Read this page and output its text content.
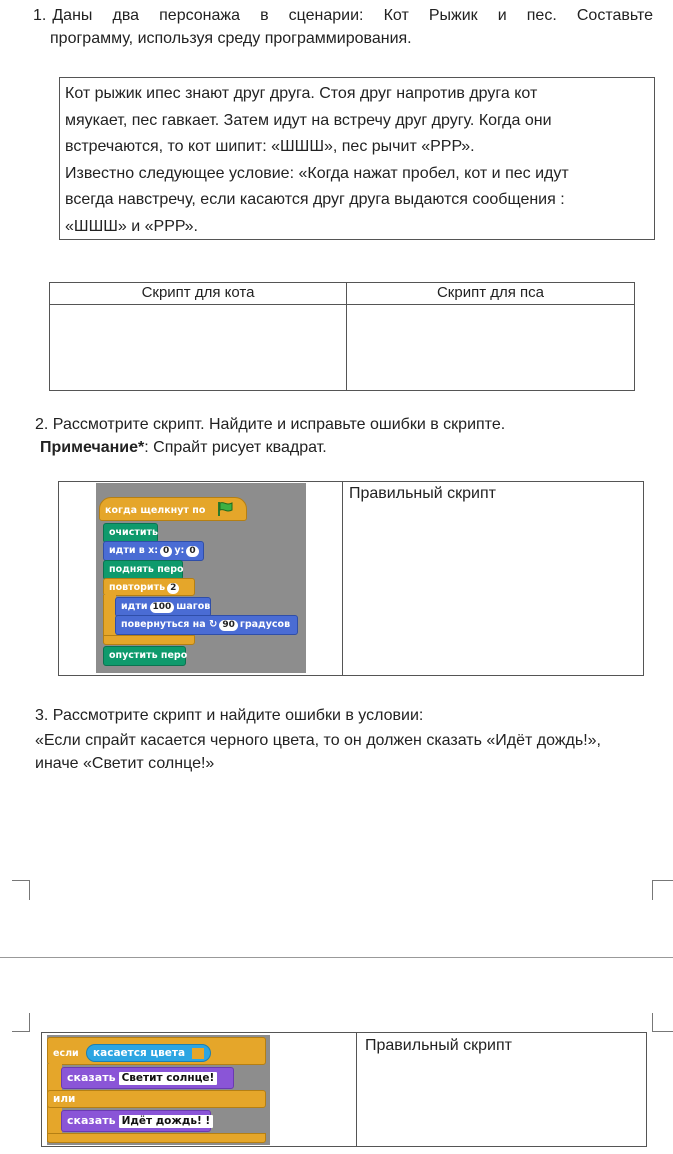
1. Даны два персонажа в сценарии: Кот Рыжик и пес. Составьте

программу, используя среду программирования.

Кот рыжик ипес знают друг друга. Стоя друг напротив друга кот

мяукает, пес гавкает. Затем идут на встречу друг другу. Когда они

встречаются, то кот шипит: «ШШШ», пес рычит «РРР».

Известно следующее условие: «Когда нажат пробел, кот и пес идут

всегда навстречу, если касаются друг друга выдаются сообщения :

«ШШШ» и «РРР».

Скрипт для кота	Скрипт для пса

2. Рассмотрите скрипт. Найдите и исправьте ошибки в скрипте.

Примечание*: Спрайт рисует квадрат.

когда щелкнут по
очистить
идти в x: 0 y: 0
поднять перо
повторить 2
идти 100 шагов
повернуться на ↻ 90 градусов
опустить перо
Правильный скрипт

3. Рассмотрите скрипт и найдите ошибки в условии:

«Если спрайт касается черного цвета, то он должен сказать «Идёт дождь!»,

иначе «Светит солнце!»

если касается цвета
сказать Светит солнце!
или
сказать Идёт дождь! !
Правильный скрипт
